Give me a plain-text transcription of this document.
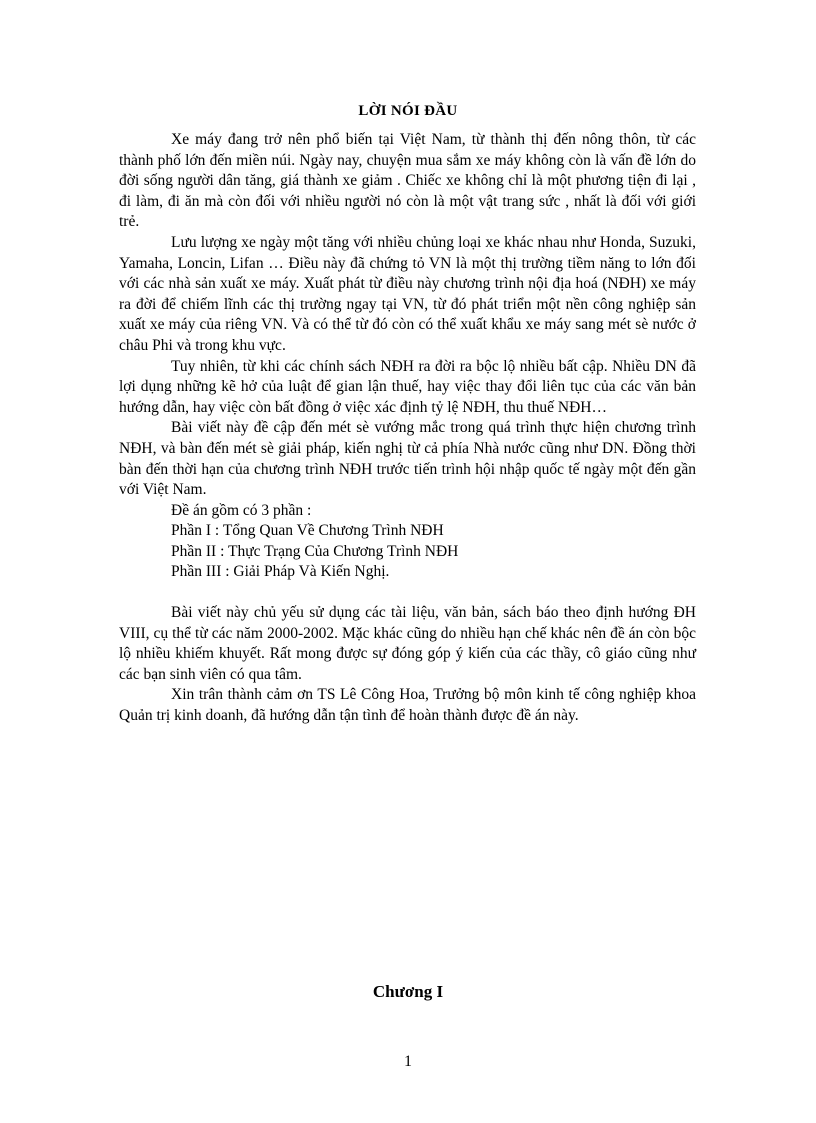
LỜI NÓI ĐẦU

Xe máy đang trở nên phổ biến tại Việt Nam, từ thành thị đến nông thôn, từ các thành phố lớn đến miền núi. Ngày nay, chuyện mua sắm xe máy không còn là vấn đề lớn do đời sống người dân tăng, giá thành xe giảm . Chiếc xe không chỉ là một phương tiện đi lại , đi làm, đi ăn mà còn đối với nhiều người nó còn là một vật trang sức , nhất là đối với giới trẻ.

Lưu lượng xe ngày một tăng với nhiều chủng loại xe khác nhau như Honda, Suzuki, Yamaha, Loncin, Lifan … Điều này đã chứng tỏ VN là một thị trường tiềm năng to lớn đối với các nhà sản xuất xe máy. Xuất phát từ điều này chương trình nội địa hoá (NĐH) xe máy ra đời để chiếm lĩnh các thị trường ngay tại VN, từ đó phát triển một nền công nghiệp sản xuất xe máy của riêng VN. Và có thể từ đó còn có thể xuất khẩu xe máy sang mét sè nước ở châu Phi và trong khu vực.

Tuy nhiên, từ khi các chính sách NĐH ra đời ra bộc lộ nhiều bất cập. Nhiều DN đã lợi dụng những kẽ hở của luật để gian lận thuế, hay việc thay đổi liên tục của các văn bản hướng dẫn, hay việc còn bất đồng ở việc xác định tỷ lệ NĐH, thu thuế NĐH…

Bài viết này đề cập đến mét sè vướng mắc trong quá trình thực hiện chương trình NĐH, và bàn đến mét sè giải pháp, kiến nghị từ cả phía Nhà nước cũng như DN. Đồng thời bàn đến thời hạn của chương trình NĐH trước tiến trình hội nhập quốc tế ngày một đến gần với Việt Nam.

Đề án gồm có 3 phần :

Phần I : Tổng Quan Về Chương Trình NĐH

Phần II : Thực Trạng Của Chương Trình NĐH

Phần III : Giải Pháp Và Kiến Nghị.

Bài viết này chủ yếu sử dụng các tài liệu, văn bản, sách báo theo định hướng ĐH VIII, cụ thể từ các năm 2000-2002. Mặc khác cũng do nhiều hạn chế khác nên đề án còn bộc lộ nhiều khiếm khuyết. Rất mong được sự đóng góp ý kiến của các thầy, cô giáo cũng như các bạn sinh viên có qua tâm.

Xin trân thành cảm ơn TS Lê Công Hoa, Trưởng bộ môn kinh tế công nghiệp khoa Quản trị kinh doanh, đã hướng dẫn tận tình để hoàn thành được đề án này.

Chương I
1
